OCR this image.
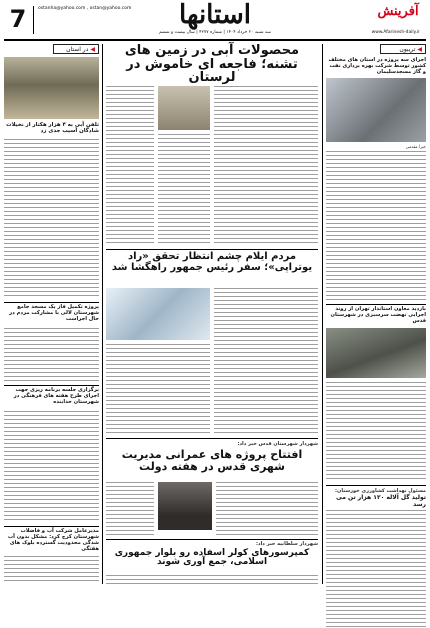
7	ostanha@yahoo.com , ostan@yahoo.com	استانها
سه شنبه ۲۰ خرداد ۱۴۰۴ | شماره ۴۲۷۷ | سال بیست و ششم	www.Afarinesh-daily.ir
آفرینش
◀
تریبون
اجرای سه پروژه در استان های مختلف کشور توسط شرکت بهره برداری نفت و گاز مسجدسلیمان
خبر/ مقدمی
بازدید معاون استاندار تهران از روند اجرایی نهضت سرسبزی در شهرستان قدس
مسئول بهداشت کشاورزی خوزستان:
تولید گل آلاله ۱۲۰ هزار تن می رسد
محصولات آبی در زمین های تشنه؛ فاجعه ای خاموش در لرستان
مردم ایلام چشم انتظار تحقق «راد یوتراپی»؛ سفر رئیس جمهور راهگشا شد
شهردار شهرستان قدس خبر داد:
افتتاح پروژه های عمرانی مدیریت شهری قدس در هفته دولت
شهردار سلطانیه خبر داد:
کمپرسورهای کولر اسفاده رو بلوار جمهوری اسلامی، جمع آوری شوند
◀
در استان
تلفن آبی به ۴ هزار هکتار از نخیلات شادگان آسیب جدی زد
پروژه تکمیل فاز یک مسجد جامع شهرستان لالی با مشارکت مردم در حال اجراست
برگزاری جلسه برنامه ریزی جهت اجرای طرح هفته های فرهنگی در شهرستان خدابنده
مدیرعامل شرکت آب و فاضلاب شهرستان کرج کرد: مشکل بدون آب شدگی محدودیت گسترده بلوک های هفتگی
